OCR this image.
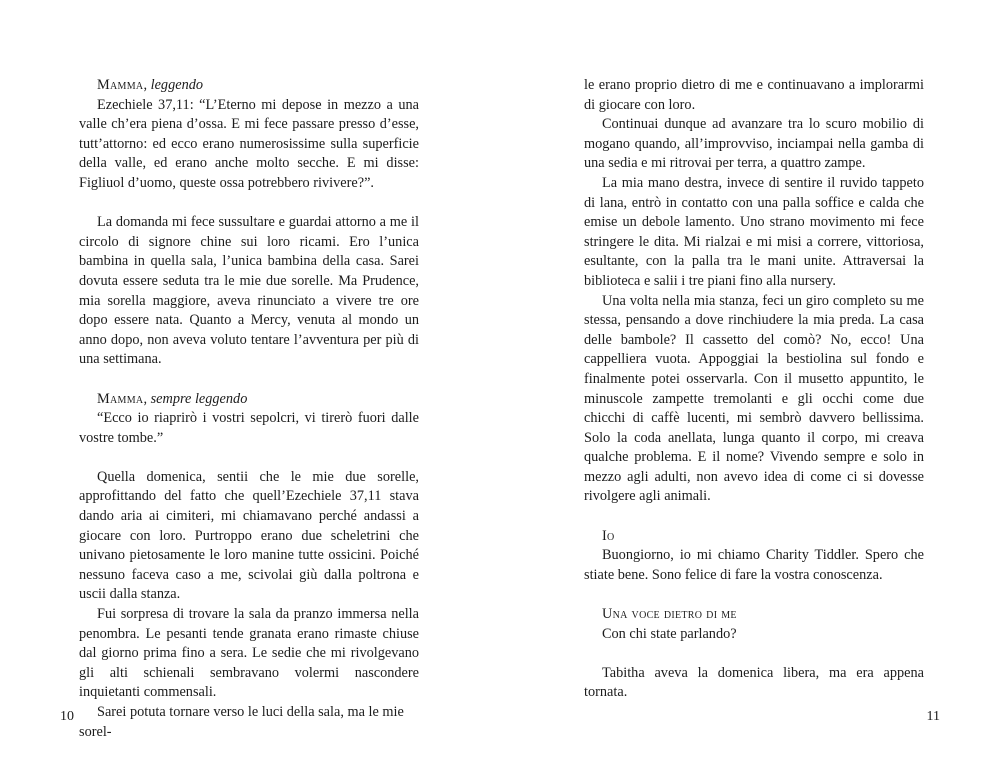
Mamma, leggendo

Ezechiele 37,11: “L’Eterno mi depose in mezzo a una valle ch’era piena d’ossa. E mi fece passare presso d’esse, tutt’attorno: ed ecco erano numerosissime sulla superficie della valle, ed erano anche molto secche. E mi disse: Figliuol d’uomo, queste ossa potrebbero rivivere?”.

La domanda mi fece sussultare e guardai attorno a me il circolo di signore chine sui loro ricami. Ero l’unica bambina in quella sala, l’unica bambina della casa. Sarei dovuta essere seduta tra le mie due sorelle. Ma Prudence, mia sorella maggiore, aveva rinunciato a vivere tre ore dopo essere nata. Quanto a Mercy, venuta al mondo un anno dopo, non aveva voluto tentare l’avventura per più di una settimana.

Mamma, sempre leggendo

“Ecco io riaprirò i vostri sepolcri, vi tirerò fuori dalle vostre tombe.”

Quella domenica, sentii che le mie due sorelle, approfittando del fatto che quell’Ezechiele 37,11 stava dando aria ai cimiteri, mi chiamavano perché andassi a giocare con loro. Purtroppo erano due scheletrini che univano pietosamente le loro manine tutte ossicini. Poiché nessuno faceva caso a me, scivolai giù dalla poltrona e uscii dalla stanza.

Fui sorpresa di trovare la sala da pranzo immersa nella penombra. Le pesanti tende granata erano rimaste chiuse dal giorno prima fino a sera. Le sedie che mi rivolgevano gli alti schienali sembravano volermi nascondere inquietanti commensali.

Sarei potuta tornare verso le luci della sala, ma le mie sorel-

10

le erano proprio dietro di me e continuavano a implorarmi di giocare con loro.

Continuai dunque ad avanzare tra lo scuro mobilio di mogano quando, all’improvviso, inciampai nella gamba di una sedia e mi ritrovai per terra, a quattro zampe.

La mia mano destra, invece di sentire il ruvido tappeto di lana, entrò in contatto con una palla soffice e calda che emise un debole lamento. Uno strano movimento mi fece stringere le dita. Mi rialzai e mi misi a correre, vittoriosa, esultante, con la palla tra le mani unite. Attraversai la biblioteca e salii i tre piani fino alla nursery.

Una volta nella mia stanza, feci un giro completo su me stessa, pensando a dove rinchiudere la mia preda. La casa delle bambole? Il cassetto del comò? No, ecco! Una cappelliera vuota. Appoggiai la bestiolina sul fondo e finalmente potei osservarla. Con il musetto appuntito, le minuscole zampette tremolanti e gli occhi come due chicchi di caffè lucenti, mi sembrò davvero bellissima. Solo la coda anellata, lunga quanto il corpo, mi creava qualche problema. E il nome? Vivendo sempre e solo in mezzo agli adulti, non avevo idea di come ci si dovesse rivolgere agli animali.

Io

Buongiorno, io mi chiamo Charity Tiddler. Spero che stiate bene. Sono felice di fare la vostra conoscenza.

Una voce dietro di me

Con chi state parlando?

Tabitha aveva la domenica libera, ma era appena tornata.

11
